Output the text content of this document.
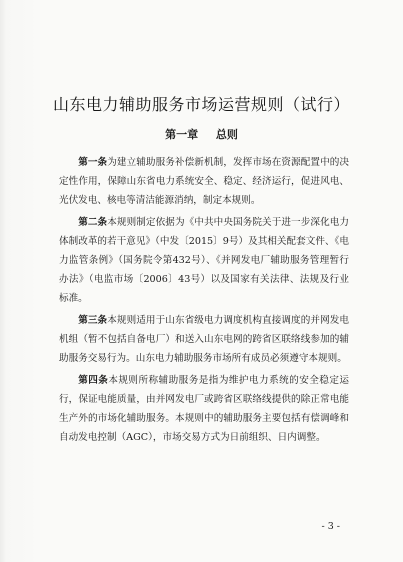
山东电力辅助服务市场运营规则（试行）
第一章 总则

第一条为建立辅助服务补偿新机制，发挥市场在资源配置中的决定性作用，保障山东省电力系统安全、稳定、经济运行，促进风电、光伏发电、核电等清洁能源消纳，制定本规则。

第二条本规则制定依据为《中共中央国务院关于进一步深化电力体制改革的若干意见》（中发〔2015〕9号）及其相关配套文件、《电力监管条例》（国务院令第432号）、《并网发电厂辅助服务管理暂行办法》（电监市场〔2006〕43号）以及国家有关法律、法规及行业标准。

第三条本规则适用于山东省级电力调度机构直接调度的并网发电机组（暂不包括自备电厂）和送入山东电网的跨省区联络线参加的辅助服务交易行为。山东电力辅助服务市场所有成员必须遵守本规则。

第四条本规则所称辅助服务是指为维护电力系统的安全稳定运行，保证电能质量，由并网发电厂或跨省区联络线提供的除正常电能生产外的市场化辅助服务。本规则中的辅助服务主要包括有偿调峰和自动发电控制（AGC），市场交易方式为日前组织、日内调整。

- 3 -
